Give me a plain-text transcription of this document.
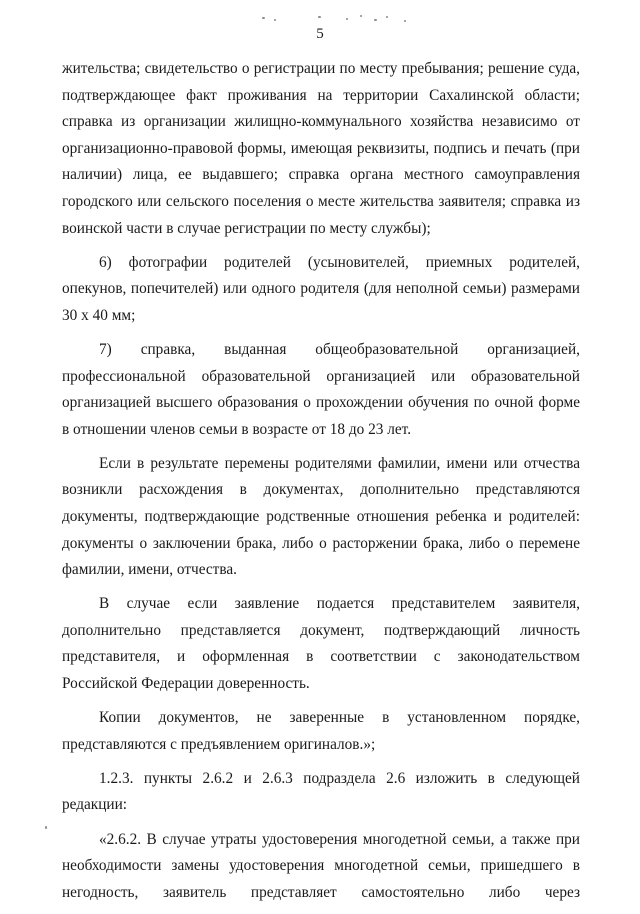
5

жительства; свидетельство о регистрации по месту пребывания; решение суда, подтверждающее факт проживания на территории Сахалинской области; справка из организации жилищно-коммунального хозяйства независимо от организационно-правовой формы, имеющая реквизиты, подпись и печать (при наличии) лица, ее выдавшего; справка органа местного самоуправления городского или сельского поселения о месте жительства заявителя; справка из воинской части в случае регистрации по месту службы);

6) фотографии родителей (усыновителей, приемных родителей, опекунов, попечителей) или одного родителя (для неполной семьи) размерами 30 х 40 мм;

7) справка, выданная общеобразовательной организацией, профессиональной образовательной организацией или образовательной организацией высшего образования о прохождении обучения по очной форме в отношении членов семьи в возрасте от 18 до 23 лет.

Если в результате перемены родителями фамилии, имени или отчества возникли расхождения в документах, дополнительно представляются документы, подтверждающие родственные отношения ребенка и родителей: документы о заключении брака, либо о расторжении брака, либо о перемене фамилии, имени, отчества.

В случае если заявление подается представителем заявителя, дополнительно представляется документ, подтверждающий личность представителя, и оформленная в соответствии с законодательством Российской Федерации доверенность.

Копии документов, не заверенные в установленном порядке, представляются с предъявлением оригиналов.»;

1.2.3. пункты 2.6.2 и 2.6.3 подраздела 2.6 изложить в следующей редакции:

«2.6.2. В случае утраты удостоверения многодетной семьи, а также при необходимости замены удостоверения многодетной семьи, пришедшего в негодность, заявитель представляет самостоятельно либо через
